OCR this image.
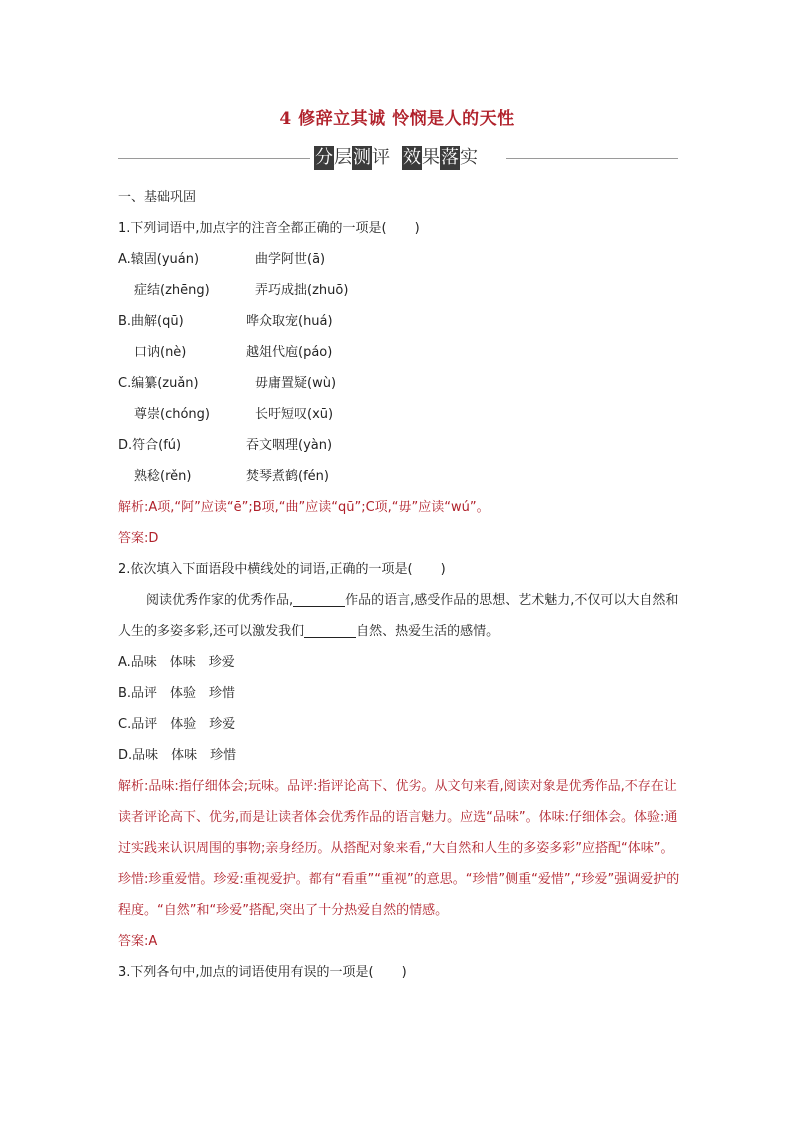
4 修辞立其诚 怜悯是人的天性
分层测评 效果落实
一、基础巩固
1.下列词语中,加点字的注音全都正确的一项是( )
A.辕固(yuán)	曲学阿世(ā)
症结(zhēng)	弄巧成拙(zhuō)
B.曲解(qū)	哗众取宠(huá)
口讷(nè)	越俎代庖(páo)
C.编纂(zuǎn)	毋庸置疑(wù)
尊崇(chóng)	长吁短叹(xū)
D.符合(fú)	吞文咽理(yàn)
熟稔(rěn)	焚琴煮鹤(fén)
解析:A项,“阿”应读“ē”;B项,“曲”应读“qū”;C项,“毋”应读“wú”。
答案:D
2.依次填入下面语段中横线处的词语,正确的一项是( )
阅读优秀作家的优秀作品,	作品的语言,感受作品的思想、艺术魅力,不仅可以大自然和人生的多姿多彩,还可以激发我们	自然、热爱生活的感情。
A.品味　体味　珍爱
B.品评　体验　珍惜
C.品评　体验　珍爱
D.品味　体味　珍惜
解析:品味:指仔细体会;玩味。品评:指评论高下、优劣。从文句来看,阅读对象是优秀作品,不存在让读者评论高下、优劣,而是让读者体会优秀作品的语言魅力。应选“品味”。体味:仔细体会。体验:通过实践来认识周围的事物;亲身经历。从搭配对象来看,“大自然和人生的多姿多彩”应搭配“体味”。珍惜:珍重爱惜。珍爱:重视爱护。都有“看重”“重视”的意思。“珍惜”侧重“爱惜”,“珍爱”强调爱护的程度。“自然”和“珍爱”搭配,突出了十分热爱自然的情感。
答案:A
3.下列各句中,加点的词语使用有误的一项是( )
